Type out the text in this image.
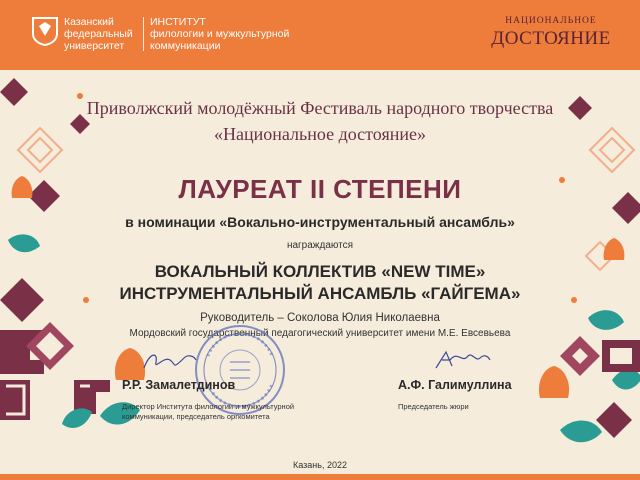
Казанский
федеральный
университет
ИНСТИТУТ
филологии и мужкультурной
коммуникации
НАЦИОНАЛЬНОЕ
ДОСТОЯНИЕ
Приволжский молодёжный Фестиваль народного творчества
«Национальное достояние»
ЛАУРЕАТ II СТЕПЕНИ
в номинации «Вокально-инструментальный ансамбль»
награждаются
ВОКАЛЬНЫЙ КОЛЛЕКТИВ «NEW TIME»
ИНСТРУМЕНТАЛЬНЫЙ АНСАМБЛЬ «ГАЙГЕМА»
Руководитель – Соколова Юлия Николаевна
Мордовский государственный педагогический университет имени М.Е. Евсевьева
Р.Р. Замалетдинов
Директор Института филологии и мужкультурной
коммуникации, председатель оргкомитета
А.Ф. Галимуллина
Председатель жюри
Казань, 2022
